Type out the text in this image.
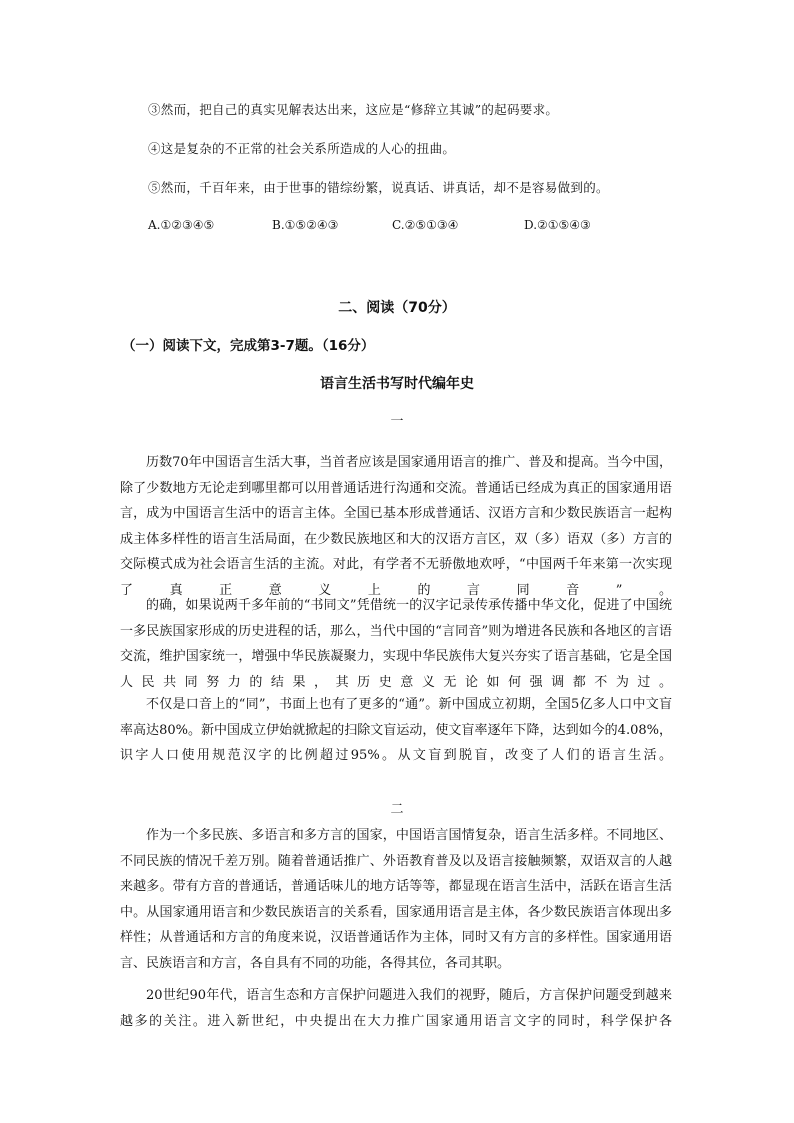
③然而，把自己的真实见解表达出来，这应是“修辞立其诚”的起码要求。
④这是复杂的不正常的社会关系所造成的人心的扭曲。
⑤然而，千百年来，由于世事的错综纷繁，说真话、讲真话，却不是容易做到的。
A.①②③④⑤	B.①⑤②④③	C.②⑤①③④	D.②①⑤④③
二、阅读（70分）
（一）阅读下文，完成第3-7题。（16分）
语言生活书写时代编年史
一

历数70年中国语言生活大事，当首者应该是国家通用语言的推广、普及和提高。当今中国，除了少数地方无论走到哪里都可以用普通话进行沟通和交流。普通话已经成为真正的国家通用语言，成为中国语言生活中的语言主体。全国已基本形成普通话、汉语方言和少数民族语言一起构成主体多样性的语言生活局面，在少数民族地区和大的汉语方言区，双（多）语双（多）方言的交际模式成为社会语言生活的主流。对此，有学者不无骄傲地欢呼，“中国两千年来第一次实现了真正意义上的言同音”。

的确，如果说两千多年前的“书同文”凭借统一的汉字记录传承传播中华文化，促进了中国统一多民族国家形成的历史进程的话，那么，当代中国的“言同音”则为增进各民族和各地区的言语交流，维护国家统一，增强中华民族凝聚力，实现中华民族伟大复兴夯实了语言基础，它是全国人民共同努力的结果，其历史意义无论如何强调都不为过。

不仅是口音上的“同”，书面上也有了更多的“通”。新中国成立初期，全国5亿多人口中文盲率高达80%。新中国成立伊始就掀起的扫除文盲运动，使文盲率逐年下降，达到如今的4.08%，识字人口使用规范汉字的比例超过95%。从文盲到脱盲，改变了人们的语言生活。

二

作为一个多民族、多语言和多方言的国家，中国语言国情复杂，语言生活多样。不同地区、不同民族的情况千差万别。随着普通话推广、外语教育普及以及语言接触频繁，双语双言的人越来越多。带有方音的普通话，普通话味儿的地方话等等，都显现在语言生活中，活跃在语言生活中。从国家通用语言和少数民族语言的关系看，国家通用语言是主体，各少数民族语言体现出多样性；从普通话和方言的角度来说，汉语普通话作为主体，同时又有方言的多样性。国家通用语言、民族语言和方言，各自具有不同的功能，各得其位，各司其职。

20世纪90年代，语言生态和方言保护问题进入我们的视野，随后，方言保护问题受到越来越多的关注。进入新世纪，中央提出在大力推广国家通用语言文字的同时，科学保护各
